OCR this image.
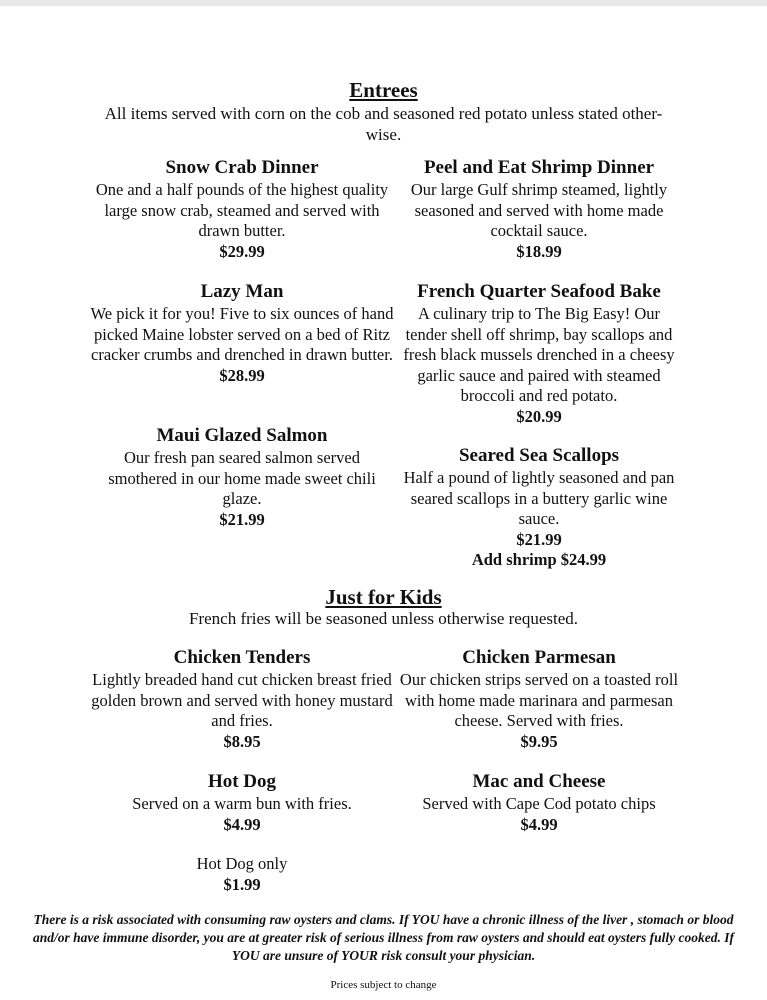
Entrees
All items served with corn on the cob and seasoned red potato unless stated other-wise.
Snow Crab Dinner
One and a half pounds of the highest quality large snow crab, steamed and served with drawn butter.
$29.99
Peel and Eat Shrimp Dinner
Our large Gulf shrimp steamed, lightly seasoned and served with home made cocktail sauce.
$18.99
Lazy Man
We pick it for you! Five to six ounces of hand picked Maine lobster served on a bed of Ritz cracker crumbs and drenched in drawn butter.
$28.99
French Quarter Seafood Bake
A culinary trip to The Big Easy! Our tender shell off shrimp, bay scallops and fresh black mussels drenched in a cheesy garlic sauce and paired with steamed broccoli and red potato.
$20.99
Maui Glazed Salmon
Our fresh pan seared salmon served smothered in our home made sweet chili glaze.
$21.99
Seared Sea Scallops
Half a pound of lightly seasoned and pan seared scallops in a buttery garlic wine sauce.
$21.99
Add shrimp $24.99
Just for Kids
French fries will be seasoned unless otherwise requested.
Chicken Tenders
Lightly breaded hand cut chicken breast fried golden brown and served with honey mustard and fries.
$8.95
Chicken Parmesan
Our chicken strips served on a toasted roll with home made marinara and parmesan cheese. Served with fries.
$9.95
Hot Dog
Served on a warm bun with fries.
$4.99
Mac and Cheese
Served with Cape Cod potato chips
$4.99
Hot Dog only
$1.99
There is a risk associated with consuming raw oysters and clams. If YOU have a chronic illness of the liver , stomach or blood and/or have immune disorder, you are at greater risk of serious illness from raw oysters and should eat oysters fully cooked. If YOU are unsure of YOUR risk consult your physician.
Prices subject to change
